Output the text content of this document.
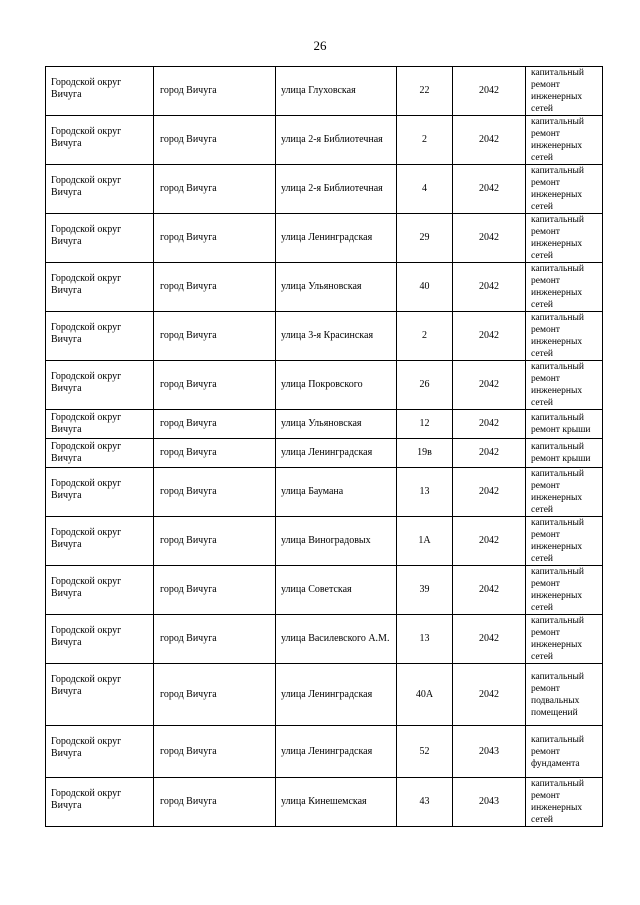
26
Городской округ Вичуга	город Вичуга	улица Глуховская	22	2042	капитальный ремонт инженерных сетей

Городской округ Вичуга	город Вичуга	улица 2-я Библиотечная	2	2042	капитальный ремонт инженерных сетей

Городской округ Вичуга	город Вичуга	улица 2-я Библиотечная	4	2042	капитальный ремонт инженерных сетей

Городской округ Вичуга	город Вичуга	улица Ленинградская	29	2042	капитальный ремонт инженерных сетей

Городской округ Вичуга	город Вичуга	улица Ульяновская	40	2042	капитальный ремонт инженерных сетей

Городской округ Вичуга	город Вичуга	улица 3-я Красинская	2	2042	капитальный ремонт инженерных сетей

Городской округ Вичуга	город Вичуга	улица Покровского	26	2042	капитальный ремонт инженерных сетей

Городской округ Вичуга	город Вичуга	улица Ульяновская	12	2042	капитальный ремонт крыши

Городской округ Вичуга	город Вичуга	улица Ленинградская	19в	2042	капитальный ремонт крыши

Городской округ Вичуга	город Вичуга	улица Баумана	13	2042	капитальный ремонт инженерных сетей

Городской округ Вичуга	город Вичуга	улица Виноградовых	1А	2042	капитальный ремонт инженерных сетей

Городской округ Вичуга	город Вичуга	улица Советская	39	2042	капитальный ремонт инженерных сетей

Городской округ Вичуга	город Вичуга	улица Василевского А.М.	13	2042	капитальный ремонт инженерных сетей

Городской округ Вичуга	город Вичуга	улица Ленинградская	40А	2042	капитальный ремонт подвальных помещений

Городской округ Вичуга	город Вичуга	улица Ленинградская	52	2043	капитальный ремонт фундамента

Городской округ Вичуга	город Вичуга	улица Кинешемская	43	2043	капитальный ремонт инженерных сетей
